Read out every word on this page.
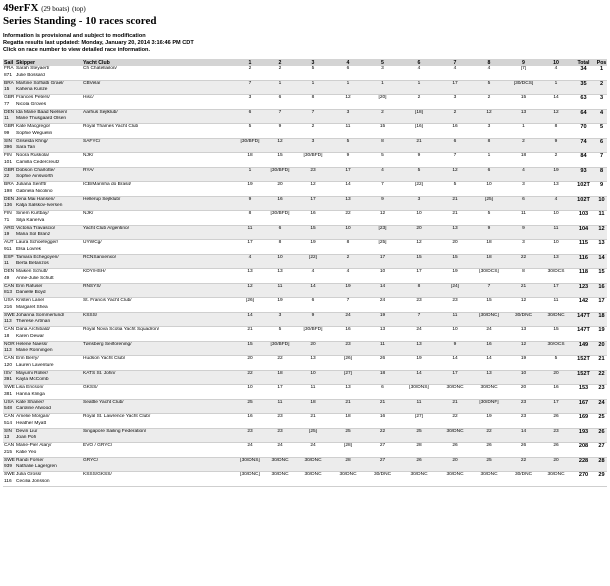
49erFX (29 boats) (top)
Series Standing - 10 races scored
Information is provisional and subject to modification
Regatta results last updated: Monday, January 20, 2014 3:16:46 PM CDT
Click on race number to view detailed race information.
Sail	Skipper	Yacht Club	1	2	3	4	5	6	7	8	9	10	Total	Pos
FRA	Sarah Steyaert/	Ch Chatellailon/	2	2	5	6	3	4	4	4	[7]	4	34	1
871	Julie Bossard													
BRA	Martine Soffiatti Grael/	CBVela/	7	1	1	1	1	1	17	5	[30/DCS]	1	35	2
15	Kahena Kunze													
GBR	Frances Peters/	Hisc/	3	6	8	12	[20]	2	3	2	15	14	63	3
77	Nicola Groves													
DEN	Ida Marie Baad Nielsen/	Aarhus Sejlklub/	6	7	7	3	2	[18]	2	12	13	12	64	4
11	Marie Thusgaard Olsen													
GBR	Kate Macgregor	Royal Thames Yacht Club	5	9	2	11	15	[16]	16	3	1	8	70	5
99	Sophie Weguelin													
SIN	Griselda Khng/	SAFYC/	[30/BFD]	12	3	5	8	21	6	8	2	9	74	6
396	Sara Tan													
FIN	Noora Ruskola/	NJK/	18	15	[30/BFD]	9	5	9	7	1	18	2	84	7
101	Camilla Cedercreutz													
GBR	Dobson Charlotte/	RYA/	1	[30/BFD]	23	17	4	5	12	6	4	19	93	8
22	Sophie Ainsworth													
BRA	Juliana Senfft/	ICB/Marinha do Brasil/	19	20	12	14	7	[22]	5	10	3	13	102T	9
198	Gabriela Nicolino													
DEN	Jena Mai Hansen/	Hellerup Sejlklub/	9	16	17	13	9	3	21	[25]	6	4	102T	10
136	Katja Salskov-Iversen													
FIN	Sinem Kurtbay/	NJK/	8	[30/BFD]	16	22	12	10	21	5	11	10	103	11
71	Silja Kanerva													
ARG	Victoria Travascio/	Yacht Club Argentino/	11	6	15	10	[23]	20	13	9	9	11	104	12
19	Maria Sol Branz													
AUT	Laura Schoefegger/	UYWCg/	17	8	19	8	[25]	12	20	18	3	10	115	13
911	Elsa Lovrek													
ESP	Tamara Echegoyen/	RCNSanxenxo/	4	10	[22]	2	17	15	15	18	22	13	116	14
11	Berta Betanzos													
DEN	Maiken Schutt/	KDY/HSH/	13	13	4	4	10	17	19	[30/DCS]	8	30/DCS	118	15
49	Anne-Julie Schutt													
CAN	Erin Rafuse/	RNSYS/	12	11	14	19	14	8	[24]	7	21	17	123	16
813	Danielle Boyd													
USA	Kristen Lane/	St. Francis Yacht Club/	[26]	19	6	7	24	23	23	15	12	11	142	17
216	Margaret Shea													
SWE	Johanna Sommerlund/	KSSS/	14	3	9	24	19	7	11	[30/DNC]	30/DNC	30/DNC	147T	18
113	Therese Artman													
CAN	Dana Archibald/	Royal Nova Scotia Yacht Squadron/	21	5	[30/BFD]	16	13	24	10	24	13	15	147T	19
18	Karen Dewar													
NOR	Helene Naess/	Tønsberg Seilforening/	15	[30/BFD]	20	23	11	13	9	16	12	30/OCS	149	20
113	Marie Ronningen													
CAN	Erin Berry/	Hudson Yacht Club/	20	22	13	[26]	26	19	14	14	19	5	152T	21
120	Lauren Laventure													
ISV	Mayumi Roller/	KATS St. John/	22	18	10	[27]	18	14	17	13	10	20	152T	22
391	Kayla McComb													
SWE	Lisa Ericson/	GKSS/	10	17	11	13	6	[30/DNS]	30/DNC	30/DNC	20	16	153	23
381	Hanna Klinga													
USA	Kate Shaner/	Seattle Yacht Club/	25	11	18	21	21	11	21	[30/DNF]	23	17	167	24
548	Caroline Atwood													
CAN	Amelie Morgan/	Royal St. Lawrence Yacht Club/	16	23	21	18	16	[27]	22	19	23	26	169	25
514	Heather Myatt													
SIN	Devin Liu/	Singapore Sailing Federation/	23	23	[25]	25	22	25	30/DNC	22	14	23	193	26
13	Joan Poh													
CAN	Marie-Pier Alary/	EVO / GRYC/	24	24	24	[28]	27	28	26	26	26	26	208	27
215	Katie Yeo													
SWE	Randi Forse/	GRYC/	[30/DNS]	30/DNC	30/DNC	28	27	26	20	25	22	20	228	28
939	Nathalie Lagergren													
SWE	Julia Gross/	KSSS/GKSS/	[30/DNC]	30/DNC	30/DNC	30/DNC	30/DNC	30/DNC	30/DNC	30/DNC	30/DNC	30/DNC	270	29
116	Cecilia Jonsson													
